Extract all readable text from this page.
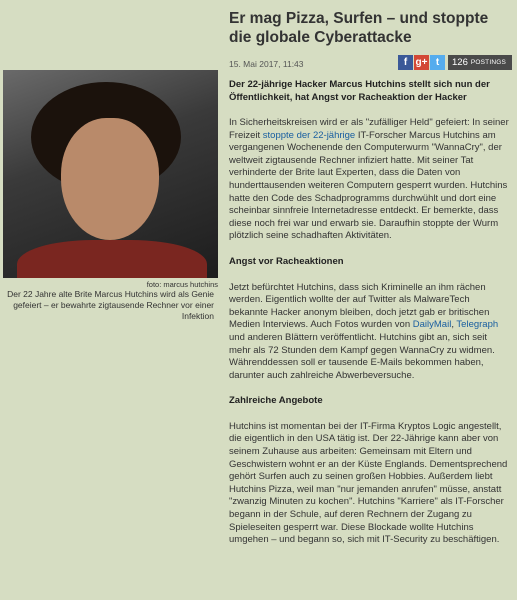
foto: marcus hutchins
Der 22 Jahre alte Brite Marcus Hutchins wird als Genie gefeiert – er bewahrte zigtausende Rechner vor einer Infektion
Er mag Pizza, Surfen – und stoppte die globale Cyberattacke
15. Mai 2017, 11:43	f g+ t	126 POSTINGS
Der 22-jährige Hacker Marcus Hutchins stellt sich nun der Öffentlichkeit, hat Angst vor Racheaktion der Hacker

In Sicherheitskreisen wird er als "zufälliger Held" gefeiert: In seiner Freizeit stoppte der 22-jährige IT-Forscher Marcus Hutchins am vergangenen Wochenende den Computerwurm "WannaCry", der weltweit zigtausende Rechner infiziert hatte. Mit seiner Tat verhinderte der Brite laut Experten, dass die Daten von hunderttausenden weiteren Computern gesperrt wurden. Hutchins hatte den Code des Schadprogramms durchwühlt und dort eine scheinbar sinnfreie Internetadresse entdeckt. Er bemerkte, dass diese noch frei war und erwarb sie. Daraufhin stoppte der Wurm plötzlich seine schadhaften Aktivitäten.

Angst vor Racheaktionen

Jetzt befürchtet Hutchins, dass sich Kriminelle an ihm rächen werden. Eigentlich wollte der auf Twitter als MalwareTech bekannte Hacker anonym bleiben, doch jetzt gab er britischen Medien Interviews. Auch Fotos wurden von DailyMail, Telegraph und anderen Blättern veröffentlicht. Hutchins gibt an, sich seit mehr als 72 Stunden dem Kampf gegen WannaCry zu widmen. Währenddessen soll er tausende E-Mails bekommen haben, darunter auch zahlreiche Abwerbeversuche.

Zahlreiche Angebote

Hutchins ist momentan bei der IT-Firma Kryptos Logic angestellt, die eigentlich in den USA tätig ist. Der 22-Jährige kann aber von seinem Zuhause aus arbeiten: Gemeinsam mit Eltern und Geschwistern wohnt er an der Küste Englands. Dementsprechend gehört Surfen auch zu seinen großen Hobbies. Außerdem liebt Hutchins Pizza, weil man "nur jemanden anrufen" müsse, anstatt "zwanzig Minuten zu kochen". Hutchins "Karriere" als IT-Forscher begann in der Schule, auf deren Rechnern der Zugang zu Spieleseiten gesperrt war. Diese Blockade wollte Hutchins umgehen – und begann so, sich mit IT-Security zu beschäftigen.
